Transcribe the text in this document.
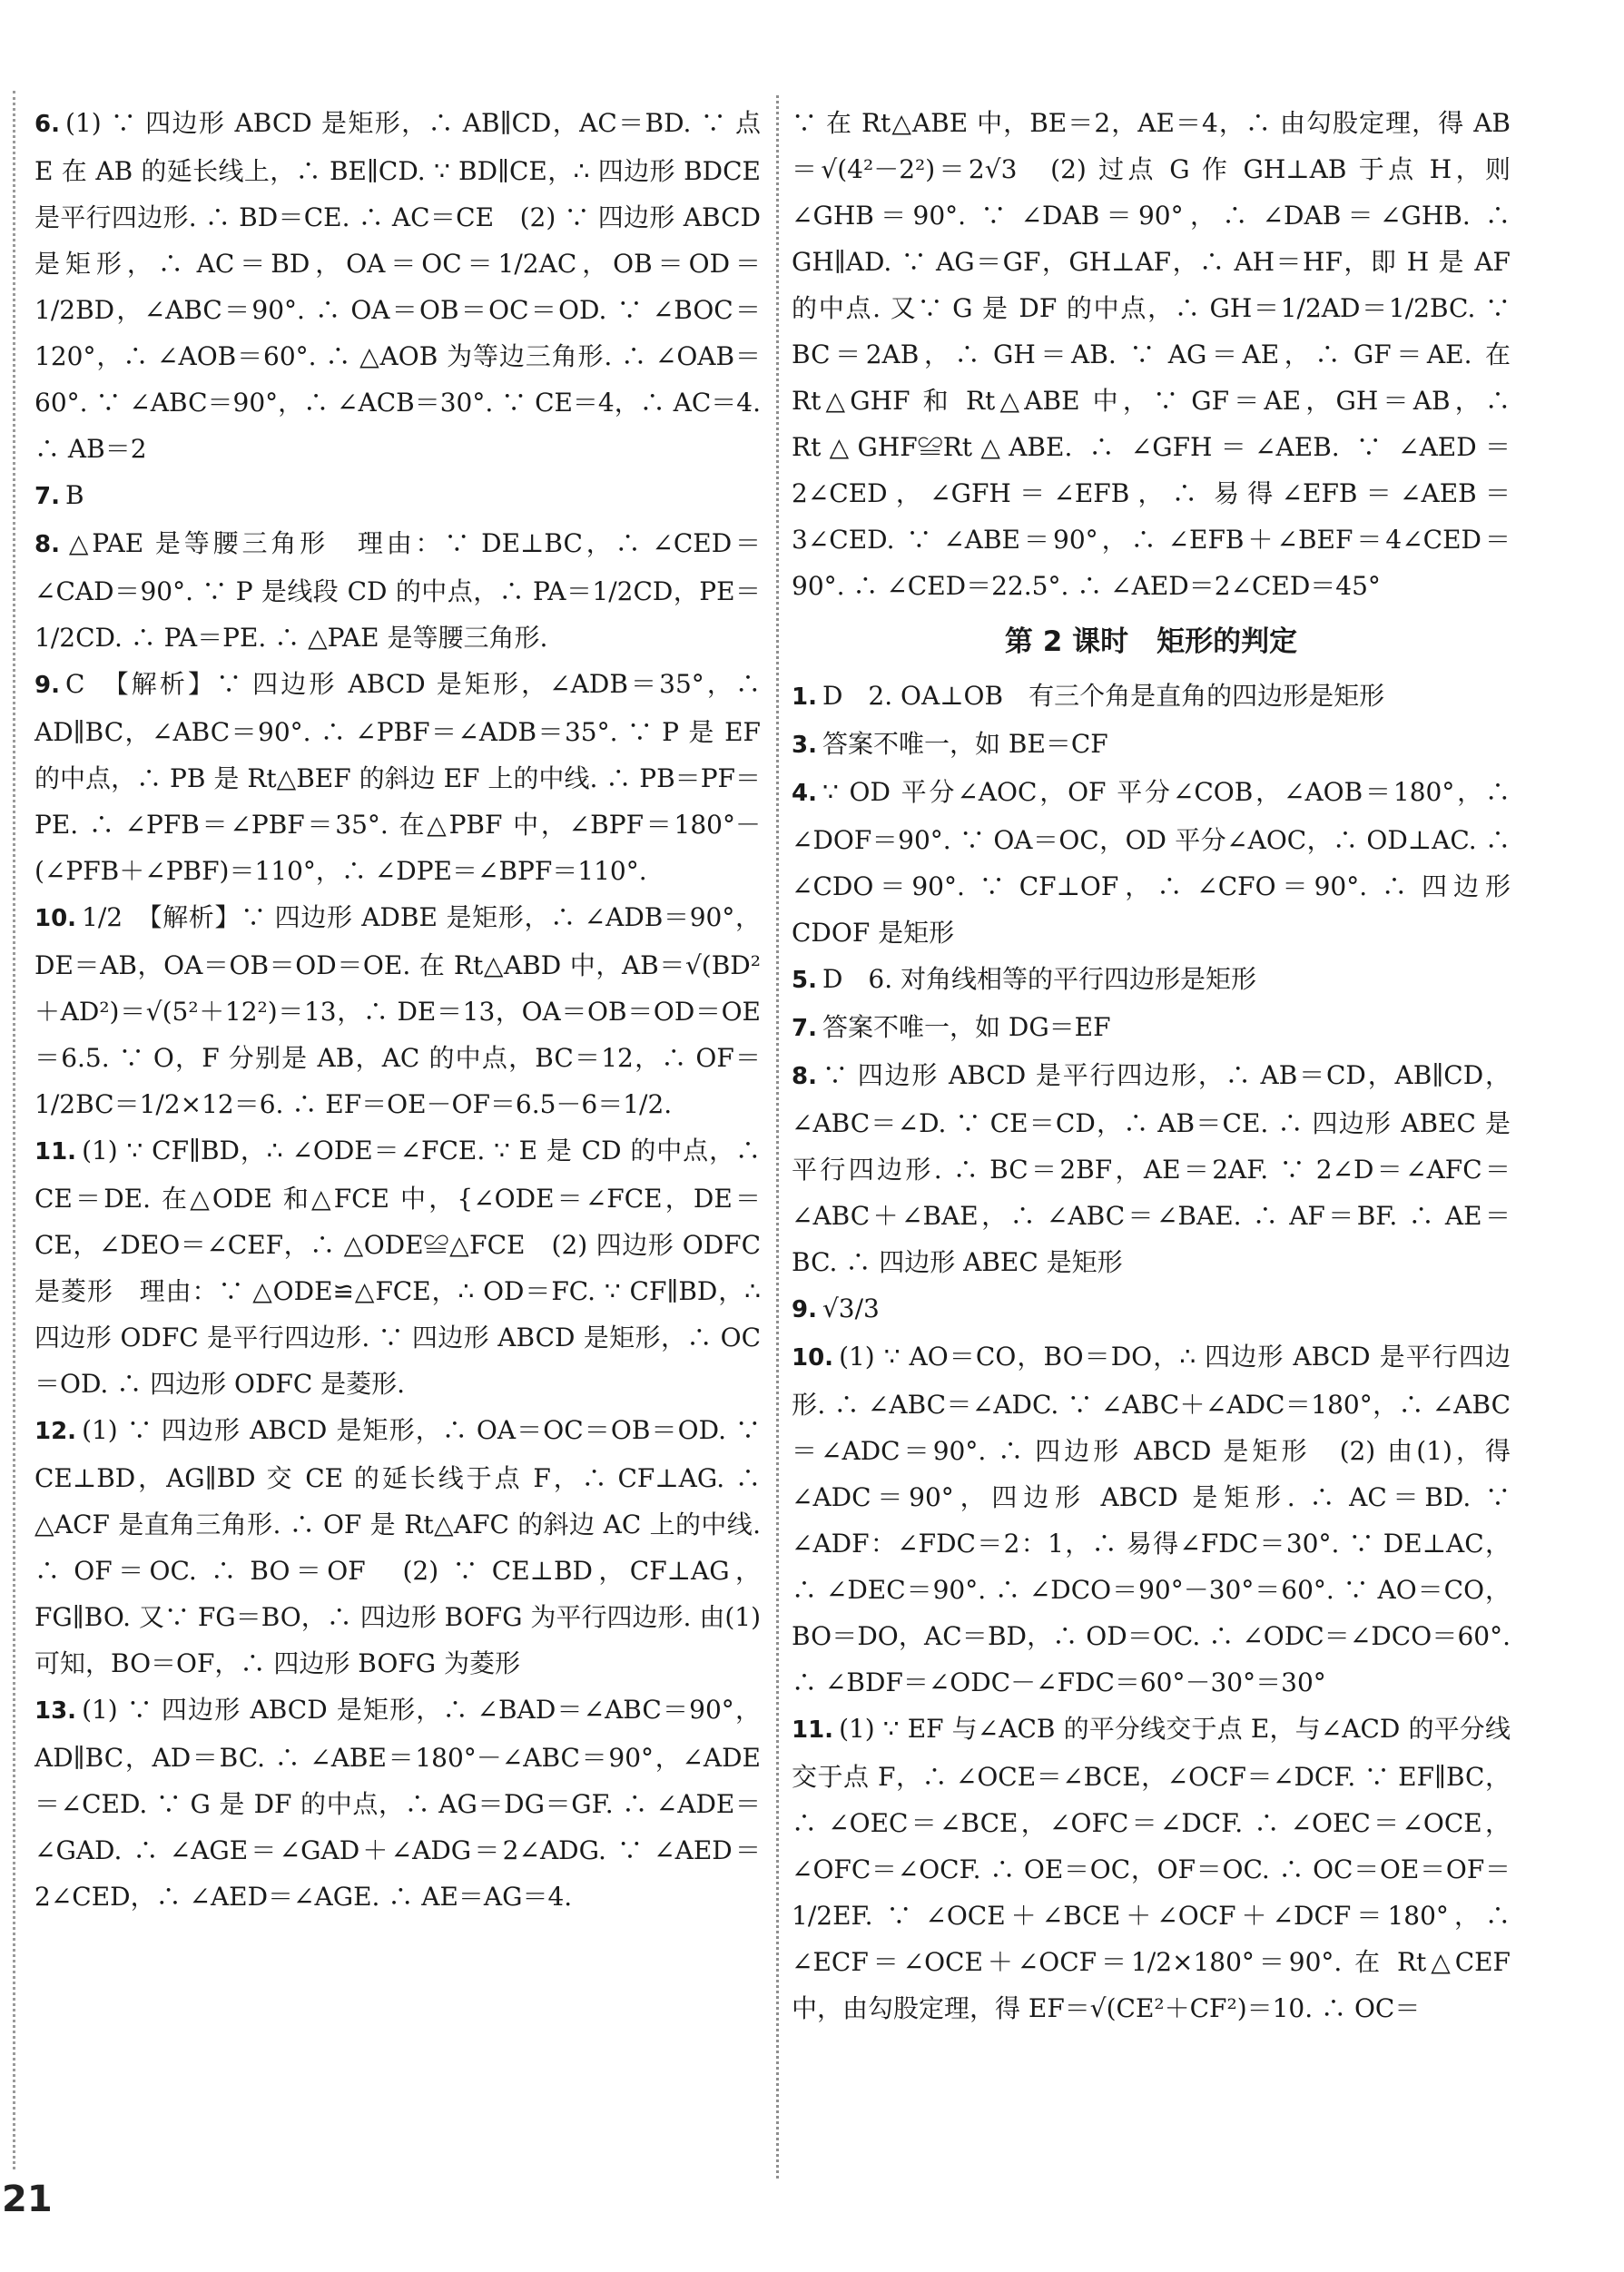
6. (1) ∵ 四边形 ABCD 是矩形，∴ AB∥CD，AC＝BD. ∵ 点 E 在 AB 的延长线上，∴ BE∥CD. ∵ BD∥CE，∴ 四边形 BDCE 是平行四边形. ∴ BD＝CE. ∴ AC＝CE　(2) ∵ 四边形 ABCD 是矩形，∴ AC＝BD，OA＝OC＝1/2AC，OB＝OD＝1/2BD，∠ABC＝90°. ∴ OA＝OB＝OC＝OD. ∵ ∠BOC＝120°，∴ ∠AOB＝60°. ∴ △AOB 为等边三角形. ∴ ∠OAB＝60°. ∵ ∠ABC＝90°，∴ ∠ACB＝30°. ∵ CE＝4，∴ AC＝4. ∴ AB＝2

7. B

8. △PAE 是等腰三角形　理由：∵ DE⊥BC，∴ ∠CED＝∠CAD＝90°. ∵ P 是线段 CD 的中点，∴ PA＝1/2CD，PE＝1/2CD. ∴ PA＝PE. ∴ △PAE 是等腰三角形.

9. C　【解析】∵ 四边形 ABCD 是矩形，∠ADB＝35°，∴ AD∥BC，∠ABC＝90°. ∴ ∠PBF＝∠ADB＝35°. ∵ P 是 EF 的中点，∴ PB 是 Rt△BEF 的斜边 EF 上的中线. ∴ PB＝PF＝PE. ∴ ∠PFB＝∠PBF＝35°. 在△PBF 中，∠BPF＝180°－(∠PFB＋∠PBF)＝110°，∴ ∠DPE＝∠BPF＝110°.

10. 1/2　【解析】∵ 四边形 ADBE 是矩形，∴ ∠ADB＝90°，DE＝AB，OA＝OB＝OD＝OE. 在 Rt△ABD 中，AB＝√(BD²＋AD²)＝√(5²＋12²)＝13，∴ DE＝13，OA＝OB＝OD＝OE＝6.5. ∵ O，F 分别是 AB，AC 的中点，BC＝12，∴ OF＝1/2BC＝1/2×12＝6. ∴ EF＝OE－OF＝6.5－6＝1/2.

11. (1) ∵ CF∥BD，∴ ∠ODE＝∠FCE. ∵ E 是 CD 的中点，∴ CE＝DE. 在△ODE 和△FCE 中，{∠ODE＝∠FCE，DE＝CE，∠DEO＝∠CEF，∴ △ODE≌△FCE　(2) 四边形 ODFC 是菱形　理由：∵ △ODE≌△FCE，∴ OD＝FC. ∵ CF∥BD，∴ 四边形 ODFC 是平行四边形. ∵ 四边形 ABCD 是矩形，∴ OC＝OD. ∴ 四边形 ODFC 是菱形.

12. (1) ∵ 四边形 ABCD 是矩形，∴ OA＝OC＝OB＝OD. ∵ CE⊥BD，AG∥BD 交 CE 的延长线于点 F，∴ CF⊥AG. ∴ △ACF 是直角三角形. ∴ OF 是 Rt△AFC 的斜边 AC 上的中线. ∴ OF＝OC. ∴ BO＝OF　(2) ∵ CE⊥BD，CF⊥AG，FG∥BO. 又∵ FG＝BO，∴ 四边形 BOFG 为平行四边形. 由(1)可知，BO＝OF，∴ 四边形 BOFG 为菱形

13. (1) ∵ 四边形 ABCD 是矩形，∴ ∠BAD＝∠ABC＝90°，AD∥BC，AD＝BC. ∴ ∠ABE＝180°－∠ABC＝90°，∠ADE＝∠CED. ∵ G 是 DF 的中点，∴ AG＝DG＝GF. ∴ ∠ADE＝∠GAD. ∴ ∠AGE＝∠GAD＋∠ADG＝2∠ADG. ∵ ∠AED＝2∠CED，∴ ∠AED＝∠AGE. ∴ AE＝AG＝4.

∵ 在 Rt△ABE 中，BE＝2，AE＝4，∴ 由勾股定理，得 AB＝√(4²－2²)＝2√3　(2) 过点 G 作 GH⊥AB 于点 H，则∠GHB＝90°. ∵ ∠DAB＝90°，∴ ∠DAB＝∠GHB. ∴ GH∥AD. ∵ AG＝GF，GH⊥AF，∴ AH＝HF，即 H 是 AF 的中点. 又∵ G 是 DF 的中点，∴ GH＝1/2AD＝1/2BC. ∵ BC＝2AB，∴ GH＝AB. ∵ AG＝AE，∴ GF＝AE. 在 Rt△GHF 和 Rt△ABE 中，∵ GF＝AE，GH＝AB，∴ Rt△GHF≌Rt△ABE. ∴ ∠GFH＝∠AEB. ∵ ∠AED＝2∠CED，∠GFH＝∠EFB，∴ 易得∠EFB＝∠AEB＝3∠CED. ∵ ∠ABE＝90°，∴ ∠EFB＋∠BEF＝4∠CED＝90°. ∴ ∠CED＝22.5°. ∴ ∠AED＝2∠CED＝45°

第 2 课时　矩形的判定

1. D　2. OA⊥OB　有三个角是直角的四边形是矩形

3. 答案不唯一，如 BE＝CF

4. ∵ OD 平分∠AOC，OF 平分∠COB，∠AOB＝180°，∴ ∠DOF＝90°. ∵ OA＝OC，OD 平分∠AOC，∴ OD⊥AC. ∴ ∠CDO＝90°. ∵ CF⊥OF，∴ ∠CFO＝90°. ∴ 四边形 CDOF 是矩形

5. D　6. 对角线相等的平行四边形是矩形

7. 答案不唯一，如 DG＝EF

8. ∵ 四边形 ABCD 是平行四边形，∴ AB＝CD，AB∥CD，∠ABC＝∠D. ∵ CE＝CD，∴ AB＝CE. ∴ 四边形 ABEC 是平行四边形. ∴ BC＝2BF，AE＝2AF. ∵ 2∠D＝∠AFC＝∠ABC＋∠BAE，∴ ∠ABC＝∠BAE. ∴ AF＝BF. ∴ AE＝BC. ∴ 四边形 ABEC 是矩形

9. √3/3

10. (1) ∵ AO＝CO，BO＝DO，∴ 四边形 ABCD 是平行四边形. ∴ ∠ABC＝∠ADC. ∵ ∠ABC＋∠ADC＝180°，∴ ∠ABC＝∠ADC＝90°. ∴ 四边形 ABCD 是矩形　(2) 由(1)，得∠ADC＝90°，四边形 ABCD 是矩形. ∴ AC＝BD. ∵ ∠ADF：∠FDC＝2：1，∴ 易得∠FDC＝30°. ∵ DE⊥AC，∴ ∠DEC＝90°. ∴ ∠DCO＝90°－30°＝60°. ∵ AO＝CO，BO＝DO，AC＝BD，∴ OD＝OC. ∴ ∠ODC＝∠DCO＝60°. ∴ ∠BDF＝∠ODC－∠FDC＝60°－30°＝30°

11. (1) ∵ EF 与∠ACB 的平分线交于点 E，与∠ACD 的平分线交于点 F，∴ ∠OCE＝∠BCE，∠OCF＝∠DCF. ∵ EF∥BC，∴ ∠OEC＝∠BCE，∠OFC＝∠DCF. ∴ ∠OEC＝∠OCE，∠OFC＝∠OCF. ∴ OE＝OC，OF＝OC. ∴ OC＝OE＝OF＝1/2EF. ∵ ∠OCE＋∠BCE＋∠OCF＋∠DCF＝180°，∴ ∠ECF＝∠OCE＋∠OCF＝1/2×180°＝90°. 在 Rt△CEF 中，由勾股定理，得 EF＝√(CE²＋CF²)＝10. ∴ OC＝

21
